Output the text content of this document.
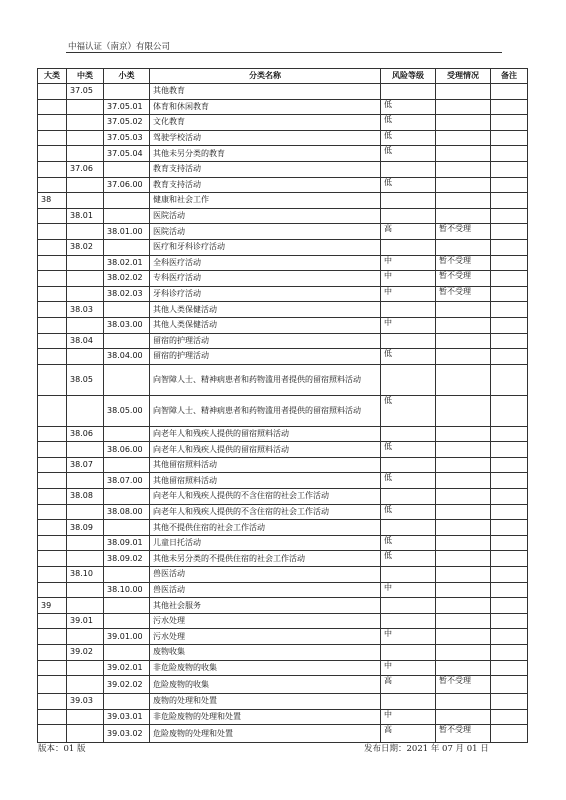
中福认证（南京）有限公司
大类	中类	小类	分类名称	风险等级	受理情况	备注
	37.05		其他教育			
		37.05.01	体育和休闲教育	低		
		37.05.02	文化教育	低		
		37.05.03	驾驶学校活动	低		
		37.05.04	其他未另分类的教育	低		
	37.06		教育支持活动			
		37.06.00	教育支持活动	低		
38			健康和社会工作			
	38.01		医院活动			
		38.01.00	医院活动	高	暂不受理	
	38.02		医疗和牙科诊疗活动			
		38.02.01	全科医疗活动	中	暂不受理	
		38.02.02	专科医疗活动	中	暂不受理	
		38.02.03	牙科诊疗活动	中	暂不受理	
	38.03		其他人类保健活动			
		38.03.00	其他人类保健活动	中		
	38.04		留宿的护理活动			
		38.04.00	留宿的护理活动	低		
	38.05		向智障人士、精神病患者和药物滥用者提供的留宿照料活动			
		38.05.00	向智障人士、精神病患者和药物滥用者提供的留宿照料活动	低		
	38.06		向老年人和残疾人提供的留宿照料活动			
		38.06.00	向老年人和残疾人提供的留宿照料活动	低		
	38.07		其他留宿照料活动			
		38.07.00	其他留宿照料活动	低		
	38.08		向老年人和残疾人提供的不含住宿的社会工作活动			
		38.08.00	向老年人和残疾人提供的不含住宿的社会工作活动	低		
	38.09		其他不提供住宿的社会工作活动			
		38.09.01	儿童日托活动	低		
		38.09.02	其他未另分类的不提供住宿的社会工作活动	低		
	38.10		兽医活动			
		38.10.00	兽医活动	中		
39			其他社会服务			
	39.01		污水处理			
		39.01.00	污水处理	中		
	39.02		废物收集			
		39.02.01	非危险废物的收集	中		
		39.02.02	危险废物的收集	高	暂不受理	
	39.03		废物的处理和处置			
		39.03.01	非危险废物的处理和处置	中		
		39.03.02	危险废物的处理和处置	高	暂不受理	
版本：01 版	发布日期：2021 年 07 月 01 日
